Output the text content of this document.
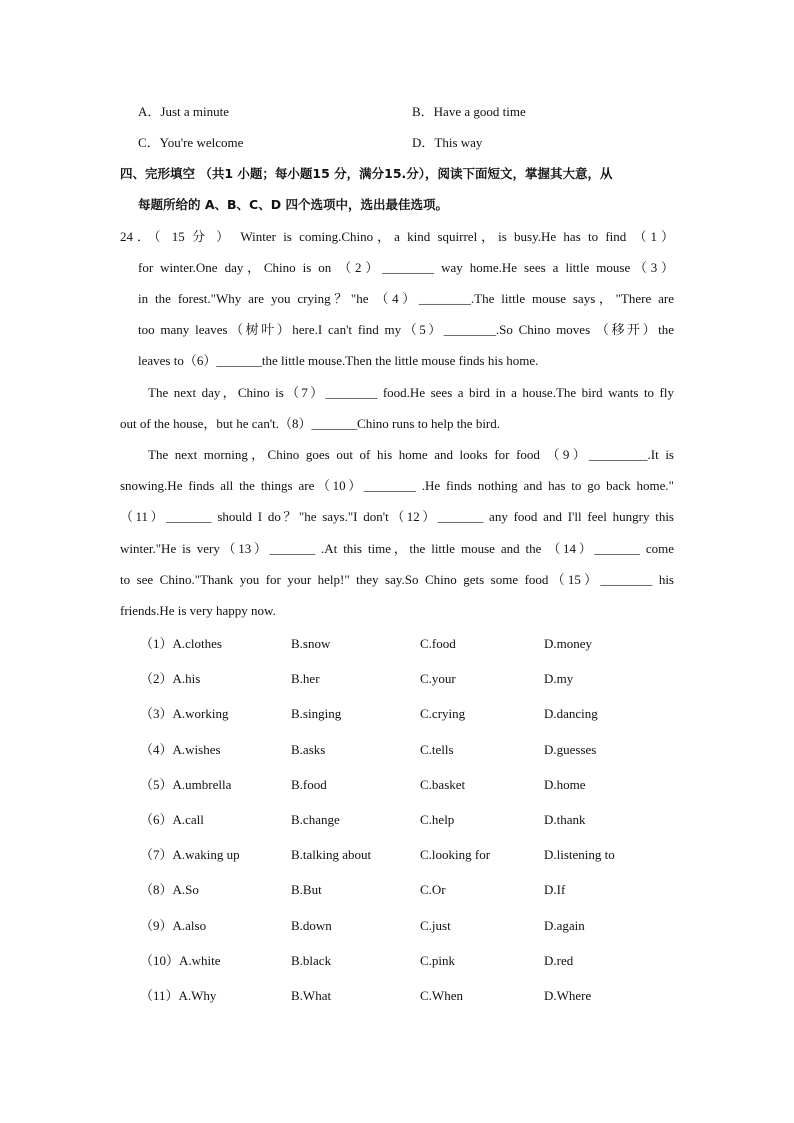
A．Just a minute	B．Have a good time
C．You're welcome	D．This way
四、完形填空 （共1 小题；每小题15 分，满分15.分），阅读下面短文，掌握其大意，从
每题所给的 A、B、C、D 四个选项中，选出最佳选项。
24．（ 15 分 ） Winter is coming.Chino，a kind squirrel，is busy.He has to find （1）
for winter.One day，Chino is on （2）________ way home.He sees a little mouse（3）
in the forest."Why are you crying？"he （4）________.The little mouse says，"There are
too many leaves（树叶）here.I can't find my（5）________.So Chino moves （移开）the
leaves to（6）_______the little mouse.Then the little mouse finds his home.
The next day，Chino is（7）________ food.He sees a bird in a house.The bird wants to fly
out of the house，but he can't.（8）_______Chino runs to help the bird.
The next morning，Chino goes out of his home and looks for food （9）_________.It is
snowing.He finds all the things are（10）________ .He finds nothing and has to go back home."
（11）_______ should I do？"he says."I don't（12）_______ any food and I'll feel hungry this
winter."He is very（13）_______ .At this time，the little mouse and the （14）_______ come
to see Chino."Thank you for your help!" they say.So Chino gets some food（15）________ his
friends.He is very happy now.
（1）A.clothes	B.snow	C.food	D.money
（2）A.his	B.her	C.your	D.my
（3）A.working	B.singing	C.crying	D.dancing
（4）A.wishes	B.asks	C.tells	D.guesses
（5）A.umbrella	B.food	C.basket	D.home
（6）A.call	B.change	C.help	D.thank
（7）A.waking up	B.talking about	C.looking for	D.listening to
（8）A.So	B.But	C.Or	D.If
（9）A.also	B.down	C.just	D.again
（10）A.white	B.black	C.pink	D.red
（11）A.Why	B.What	C.When	D.Where
